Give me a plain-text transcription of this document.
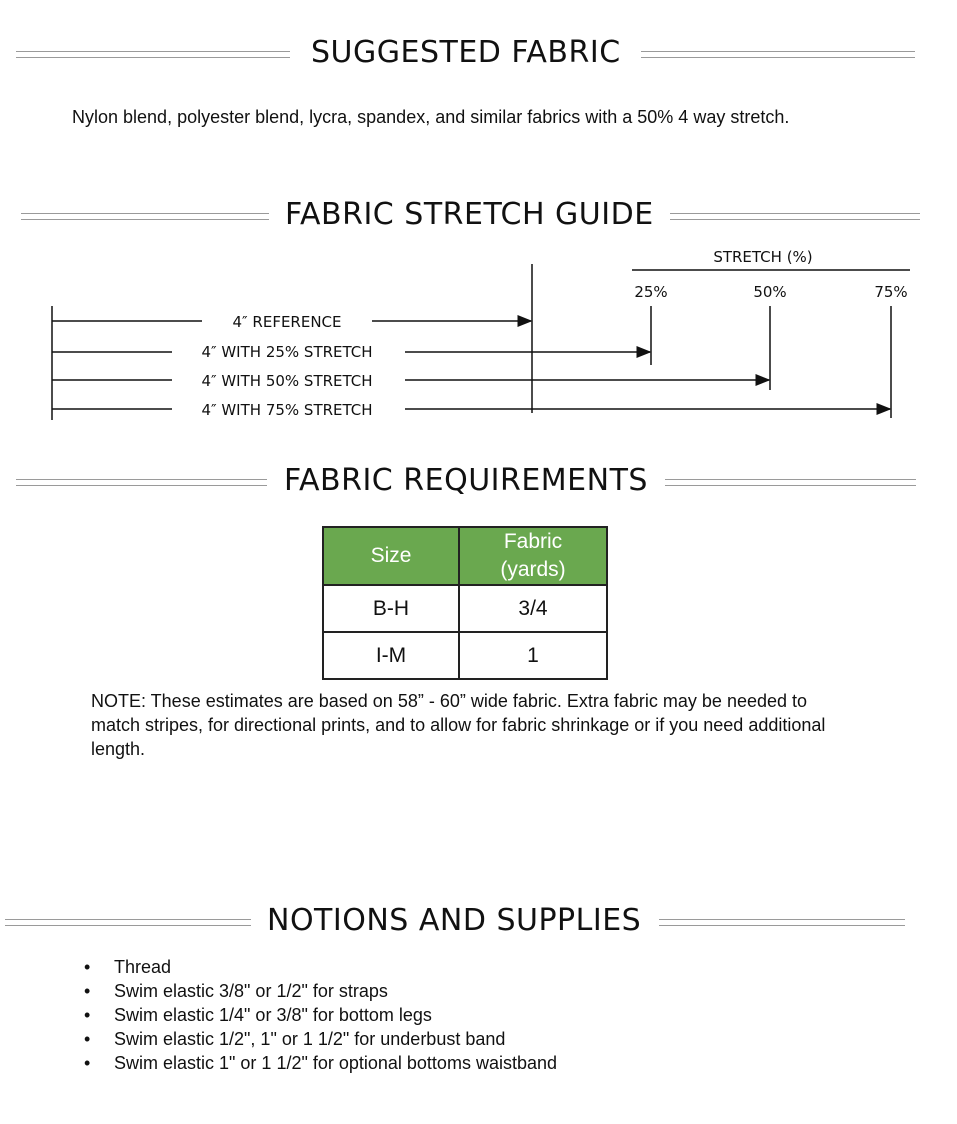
SUGGESTED FABRIC
Nylon blend, polyester blend, lycra, spandex, and similar fabrics with a 50% 4 way stretch.
FABRIC STRETCH GUIDE
STRETCH (%)
25%	50%	75%
4″ REFERENCE
4″ WITH 25% STRETCH
4″ WITH 50% STRETCH
4″ WITH 75% STRETCH
FABRIC REQUIREMENTS
Size	Fabric (yards)
B-H	3/4
I-M	1
NOTE: These estimates are based on 58” - 60” wide fabric. Extra fabric may be needed to match stripes, for directional prints, and to allow for fabric shrinkage or if you need additional length.
NOTIONS AND SUPPLIES
• Thread
• Swim elastic 3/8" or 1/2" for straps
• Swim elastic 1/4" or 3/8" for bottom legs
• Swim elastic 1/2", 1" or 1 1/2" for underbust band
• Swim elastic 1" or 1 1/2" for optional bottoms waistband
